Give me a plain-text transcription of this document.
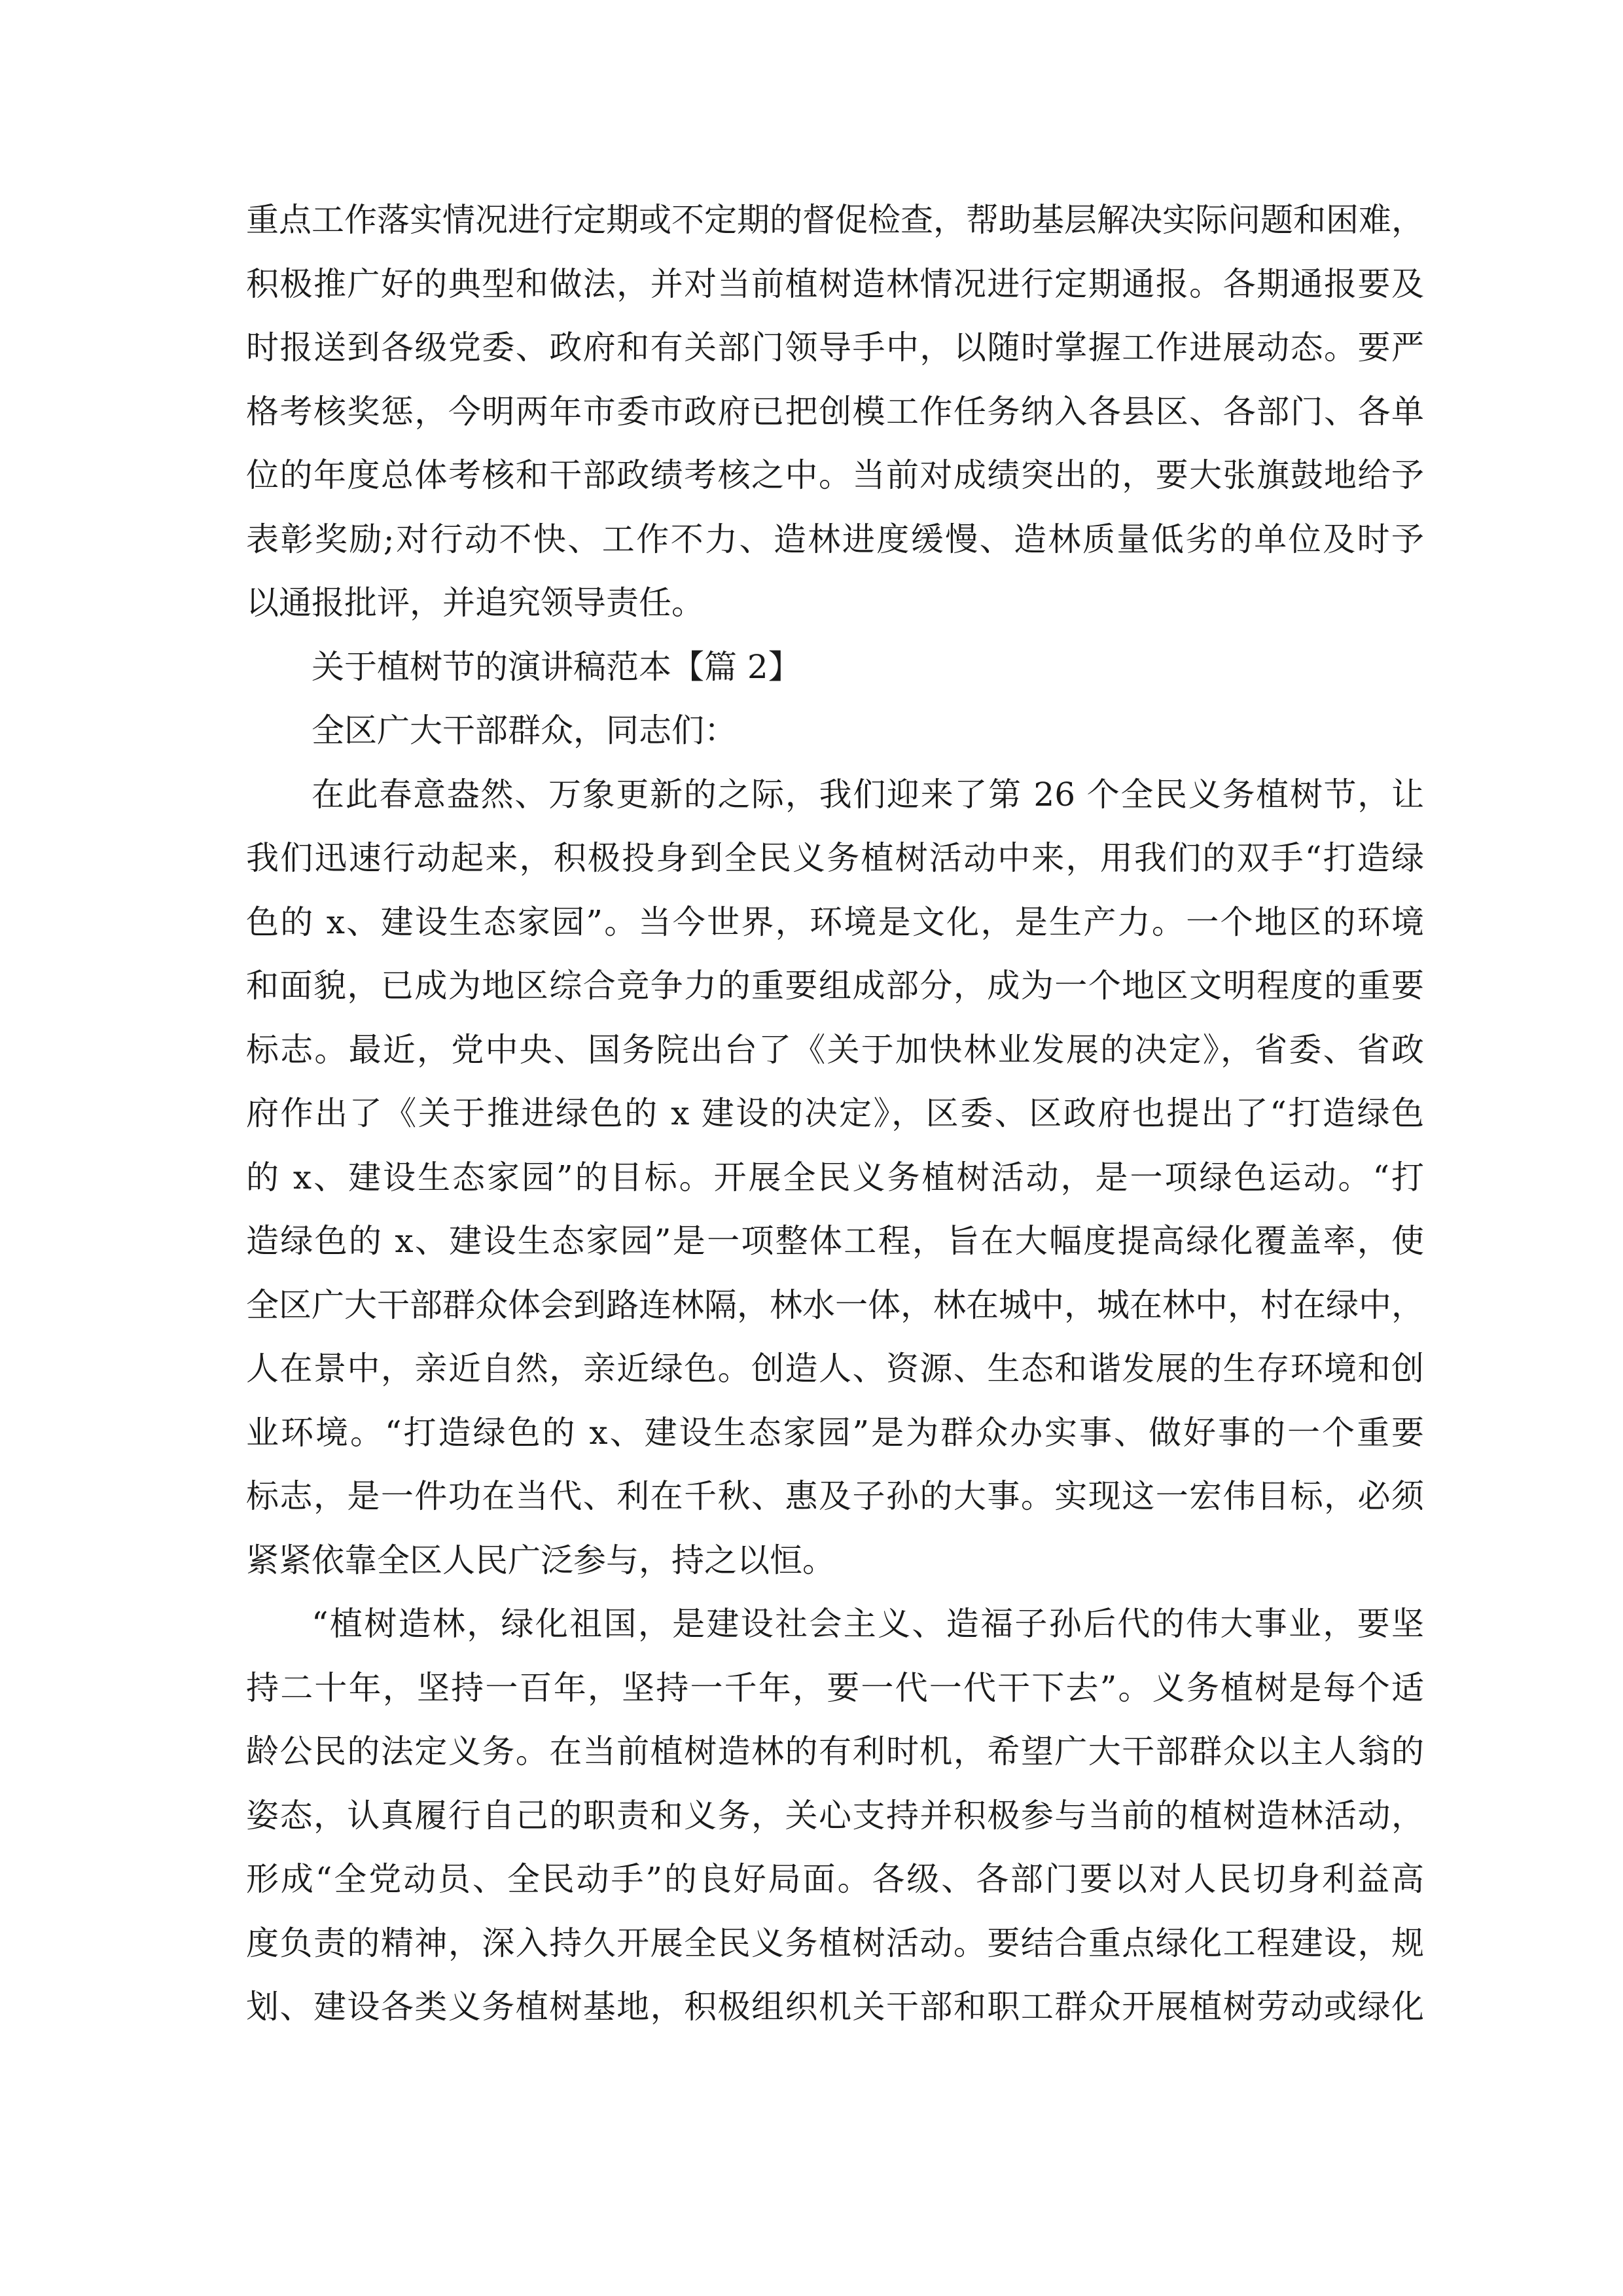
重点工作落实情况进行定期或不定期的督促检查，帮助基层解决实际问题和困难，
积极推广好的典型和做法，并对当前植树造林情况进行定期通报。各期通报要及
时报送到各级党委、政府和有关部门领导手中，以随时掌握工作进展动态。要严
格考核奖惩，今明两年市委市政府已把创模工作任务纳入各县区、各部门、各单
位的年度总体考核和干部政绩考核之中。当前对成绩突出的，要大张旗鼓地给予
表彰奖励;对行动不快、工作不力、造林进度缓慢、造林质量低劣的单位及时予
以通报批评，并追究领导责任。

关于植树节的演讲稿范本【篇 2】

全区广大干部群众，同志们：

在此春意盎然、万象更新的之际，我们迎来了第 26 个全民义务植树节，让
我们迅速行动起来，积极投身到全民义务植树活动中来，用我们的双手“打造绿
色的 x、建设生态家园”。当今世界，环境是文化，是生产力。一个地区的环境
和面貌，已成为地区综合竞争力的重要组成部分，成为一个地区文明程度的重要
标志。最近，党中央、国务院出台了《关于加快林业发展的决定》，省委、省政
府作出了《关于推进绿色的 x 建设的决定》，区委、区政府也提出了“打造绿色
的 x、建设生态家园”的目标。开展全民义务植树活动，是一项绿色运动。“打
造绿色的 x、建设生态家园”是一项整体工程，旨在大幅度提高绿化覆盖率，使
全区广大干部群众体会到路连林隔，林水一体，林在城中，城在林中，村在绿中，
人在景中，亲近自然，亲近绿色。创造人、资源、生态和谐发展的生存环境和创
业环境。“打造绿色的 x、建设生态家园”是为群众办实事、做好事的一个重要
标志，是一件功在当代、利在千秋、惠及子孙的大事。实现这一宏伟目标，必须
紧紧依靠全区人民广泛参与，持之以恒。

“植树造林，绿化祖国，是建设社会主义、造福子孙后代的伟大事业，要坚
持二十年，坚持一百年，坚持一千年，要一代一代干下去”。义务植树是每个适
龄公民的法定义务。在当前植树造林的有利时机，希望广大干部群众以主人翁的
姿态，认真履行自己的职责和义务，关心支持并积极参与当前的植树造林活动，
形成“全党动员、全民动手”的良好局面。各级、各部门要以对人民切身利益高
度负责的精神，深入持久开展全民义务植树活动。要结合重点绿化工程建设，规
划、建设各类义务植树基地，积极组织机关干部和职工群众开展植树劳动或绿化
